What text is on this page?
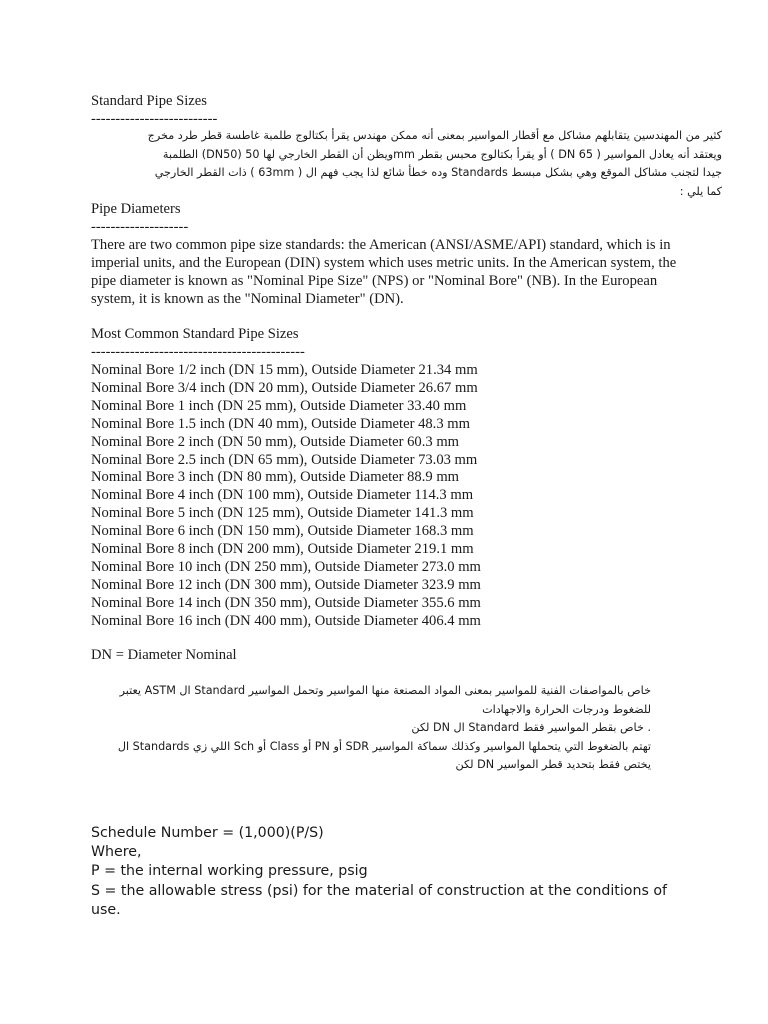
Standard Pipe Sizes
--------------------------
كثير من المهندسين يتقابلهم مشاكل مع أقطار المواسير بمعنى أنه ممكن مهندس يقرأ بكتالوج طلمبة غاطسة قطر طرد مخرج
ويعتقد أنه يعادل المواسير ( DN 65 ) أو يقرأ بكتالوج محبس بقطر mmويظن أن القطر الخارجي لها 50 (DN50) الطلمبة
جيدا لتجنب مشاكل الموقع وهي بشكل مبسط Standards وده خطأ شائع لذا يجب فهم ال ( 63mm ) ذات القطر الخارجي
كما يلي :
Pipe Diameters
--------------------
There are two common pipe size standards: the American (ANSI/ASME/API) standard, which is in imperial units, and the European (DIN) system which uses metric units. In the American system, the pipe diameter is known as "Nominal Pipe Size" (NPS) or "Nominal Bore" (NB). In the European system, it is known as the "Nominal Diameter" (DN).
Most Common Standard Pipe Sizes
--------------------------------------------
Nominal Bore 1/2 inch (DN 15 mm), Outside Diameter 21.34 mm
Nominal Bore 3/4 inch (DN 20 mm), Outside Diameter 26.67 mm
Nominal Bore 1 inch (DN 25 mm), Outside Diameter 33.40 mm
Nominal Bore 1.5 inch (DN 40 mm), Outside Diameter 48.3 mm
Nominal Bore 2 inch (DN 50 mm), Outside Diameter 60.3 mm
Nominal Bore 2.5 inch (DN 65 mm), Outside Diameter 73.03 mm
Nominal Bore 3 inch (DN 80 mm), Outside Diameter 88.9 mm
Nominal Bore 4 inch (DN 100 mm), Outside Diameter 114.3 mm
Nominal Bore 5 inch (DN 125 mm), Outside Diameter 141.3 mm
Nominal Bore 6 inch (DN 150 mm), Outside Diameter 168.3 mm
Nominal Bore 8 inch (DN 200 mm), Outside Diameter 219.1 mm
Nominal Bore 10 inch (DN 250 mm), Outside Diameter 273.0 mm
Nominal Bore 12 inch (DN 300 mm), Outside Diameter 323.9 mm
Nominal Bore 14 inch (DN 350 mm), Outside Diameter 355.6 mm
Nominal Bore 16 inch (DN 400 mm), Outside Diameter 406.4 mm
DN = Diameter Nominal
خاص بالمواصفات الفنية للمواسير بمعنى المواد المصنعة منها المواسير وتحمل المواسير Standard ال ASTM يعتبر
للضغوط ودرجات الحرارة والاجهادات
. خاص بقطر المواسير فقط Standard ال DN لكن
تهتم بالضغوط التي يتحملها المواسير وكذلك سماكة المواسير SDR أو PN أو Class أو Sch اللي زي Standards ال
يختص فقط بتحديد قطر المواسير DN لكن
Schedule Number = (1,000)(P/S)
Where,
P = the internal working pressure, psig
S = the allowable stress (psi) for the material of construction at the conditions of use.
